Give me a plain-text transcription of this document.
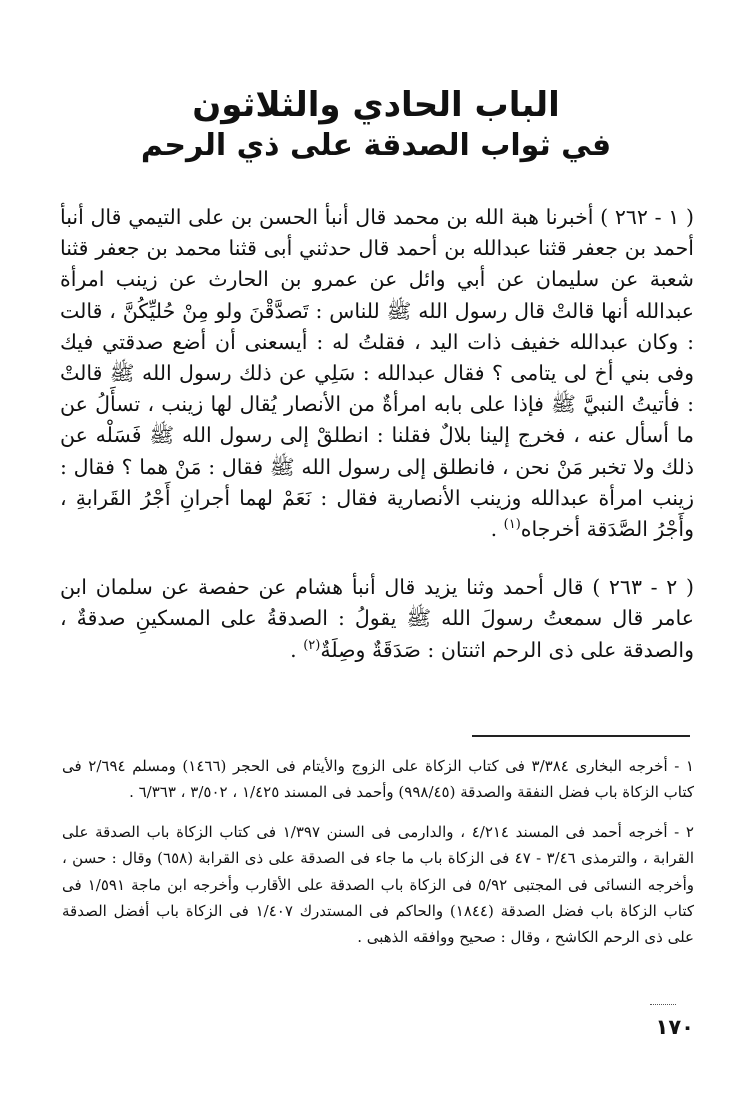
الباب الحادي والثلاثون
في ثواب الصدقة على ذي الرحم

( ١ - ٢٦٢ ) أخبرنا هبة الله بن محمد قال أنبأ الحسن بن على التيمي قال أنبأ أحمد بن جعفر قثنا عبدالله بن أحمد قال حدثني أبى قثنا محمد بن جعفر قثنا شعبة عن سليمان عن أبي وائل عن عمرو بن الحارث عن زينب امرأة عبدالله أنها قالتْ قال رسول الله ﷺ للناس : تَصدَّقْنَ ولو مِنْ حُليِّكُنَّ ، قالت : وكان عبدالله خفيف ذات اليد ، فقلتُ له : أيسعنى أن أضع صدقتي فيك وفى بني أخ لى يتامى ؟ فقال عبدالله : سَلِي عن ذلك رسول الله ﷺ قالتْ : فأتيتُ النبيَّ ﷺ فإذا على بابه امرأةٌ من الأنصار يُقال لها زينب ، تسأَلُ عن ما أسأل عنه ، فخرج إلينا بلالٌ فقلنا : انطلقْ إلى رسول الله ﷺ فَسَلْه عن ذلك ولا تخبر مَنْ نحن ، فانطلق إلى رسول الله ﷺ فقال : مَنْ هما ؟ فقال : زينب امرأة عبدالله وزينب الأنصارية فقال : نَعَمْ لهما أجرانِ أَجْرُ القَرابةِ ، وأَجْرُ الصَّدَقة أخرجاه$^{(١)}$ .

( ٢ - ٢٦٣ ) قال أحمد وثنا يزيد قال أنبأ هشام عن حفصة عن سلمان ابن عامر قال سمعتُ رسولَ الله ﷺ يقولُ : الصدقةُ على المسكينِ صدقةٌ ، والصدقة على ذى الرحم اثنتان : صَدَقَةٌ وصِلَةٌ$^{(٢)}$ .

١ - أخرجه البخارى ٣/٣٨٤ فى كتاب الزكاة على الزوج والأيتام فى الحجر (١٤٦٦) ومسلم ٢/٦٩٤ فى كتاب الزكاة باب فضل النفقة والصدقة (٩٩٨/٤٥) وأحمد فى المسند ١/٤٢٥ ، ٣/٥٠٢ ، ٦/٣٦٣ .

٢ - أخرجه أحمد فى المسند ٤/٢١٤ ، والدارمى فى السنن ١/٣٩٧ فى كتاب الزكاة باب الصدقة على القرابة ، والترمذى ٣/٤٦ - ٤٧ فى الزكاة باب ما جاء فى الصدقة على ذى القرابة (٦٥٨) وقال : حسن ، وأخرجه النسائى فى المجتبى ٥/٩٢ فى الزكاة باب الصدقة على الأقارب وأخرجه ابن ماجة ١/٥٩١ فى كتاب الزكاة باب فضل الصدقة (١٨٤٤) والحاكم فى المستدرك ١/٤٠٧ فى الزكاة باب أفضل الصدقة على ذى الرحم الكاشح ، وقال : صحيح ووافقه الذهبى .

١٧٠
